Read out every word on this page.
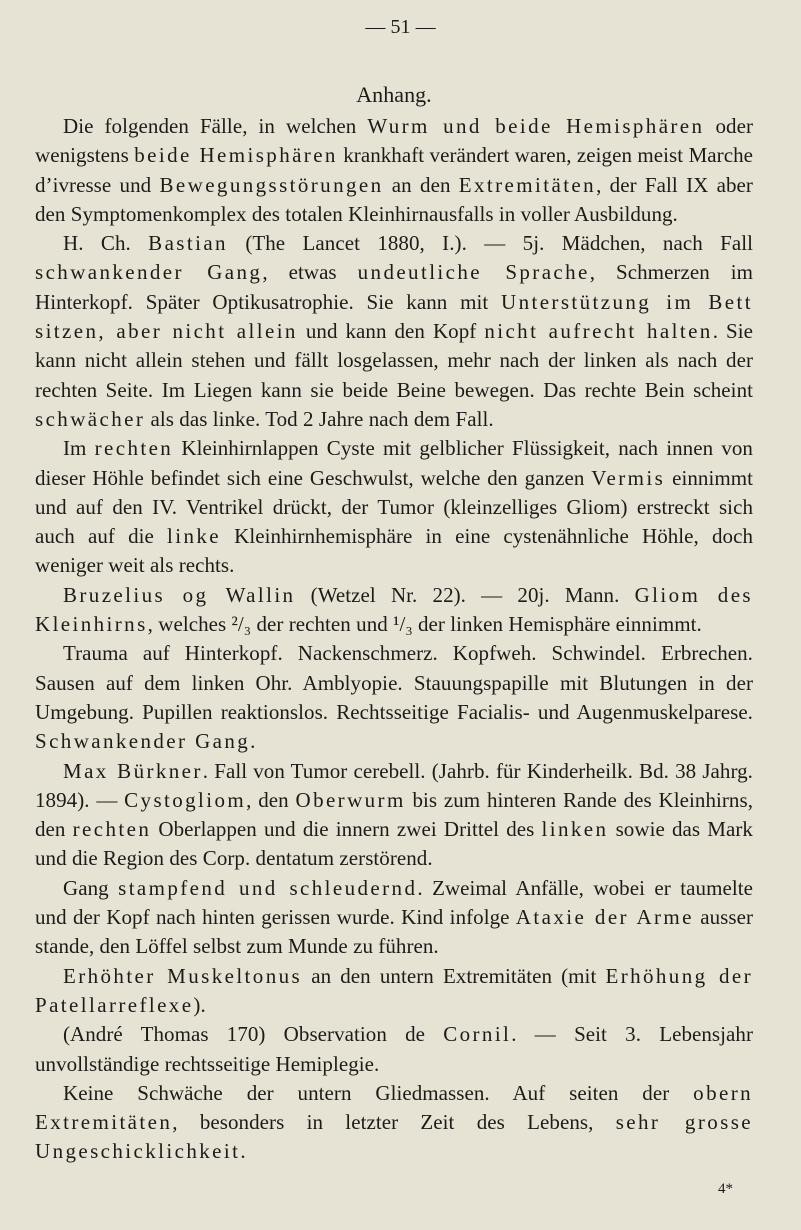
— 51 —
Anhang.

Die folgenden Fälle, in welchen Wurm und beide Hemisphären oder wenigstens beide Hemisphären krankhaft verändert waren, zeigen meist Marche d’ivresse und Bewegungsstörungen an den Extremitäten, der Fall IX aber den Symptomenkomplex des totalen Kleinhirnausfalls in voller Ausbildung.

H. Ch. Bastian (The Lancet 1880, I.). — 5j. Mädchen, nach Fall schwankender Gang, etwas undeutliche Sprache, Schmerzen im Hinterkopf. Später Optikusatrophie. Sie kann mit Unterstützung im Bett sitzen, aber nicht allein und kann den Kopf nicht aufrecht halten. Sie kann nicht allein stehen und fällt losgelassen, mehr nach der linken als nach der rechten Seite. Im Liegen kann sie beide Beine bewegen. Das rechte Bein scheint schwächer als das linke. Tod 2 Jahre nach dem Fall.

Im rechten Kleinhirnlappen Cyste mit gelblicher Flüssigkeit, nach innen von dieser Höhle befindet sich eine Geschwulst, welche den ganzen Vermis einnimmt und auf den IV. Ventrikel drückt, der Tumor (kleinzelliges Gliom) erstreckt sich auch auf die linke Kleinhirnhemisphäre in eine cystenähnliche Höhle, doch weniger weit als rechts.

Bruzelius og Wallin (Wetzel Nr. 22). — 20j. Mann. Gliom des Kleinhirns, welches ²/₃ der rechten und ¹/₃ der linken Hemisphäre einnimmt.

Trauma auf Hinterkopf. Nackenschmerz. Kopfweh. Schwindel. Erbrechen. Sausen auf dem linken Ohr. Amblyopie. Stauungspapille mit Blutungen in der Umgebung. Pupillen reaktionslos. Rechtsseitige Facialis- und Augenmuskelparese. Schwankender Gang.

Max Bürkner. Fall von Tumor cerebell. (Jahrb. für Kinderheilk. Bd. 38 Jahrg. 1894). — Cystogliom, den Oberwurm bis zum hinteren Rande des Kleinhirns, den rechten Oberlappen und die innern zwei Drittel des linken sowie das Mark und die Region des Corp. dentatum zerstörend.

Gang stampfend und schleudernd. Zweimal Anfälle, wobei er taumelte und der Kopf nach hinten gerissen wurde. Kind infolge Ataxie der Arme ausser stande, den Löffel selbst zum Munde zu führen.

Erhöhter Muskeltonus an den untern Extremitäten (mit Erhöhung der Patellarreflexe).

(André Thomas 170) Observation de Cornil. — Seit 3. Lebensjahr unvollständige rechtsseitige Hemiplegie.

Keine Schwäche der untern Gliedmassen. Auf seiten der obern Extremitäten, besonders in letzter Zeit des Lebens, sehr grosse Ungeschicklichkeit.

4*
